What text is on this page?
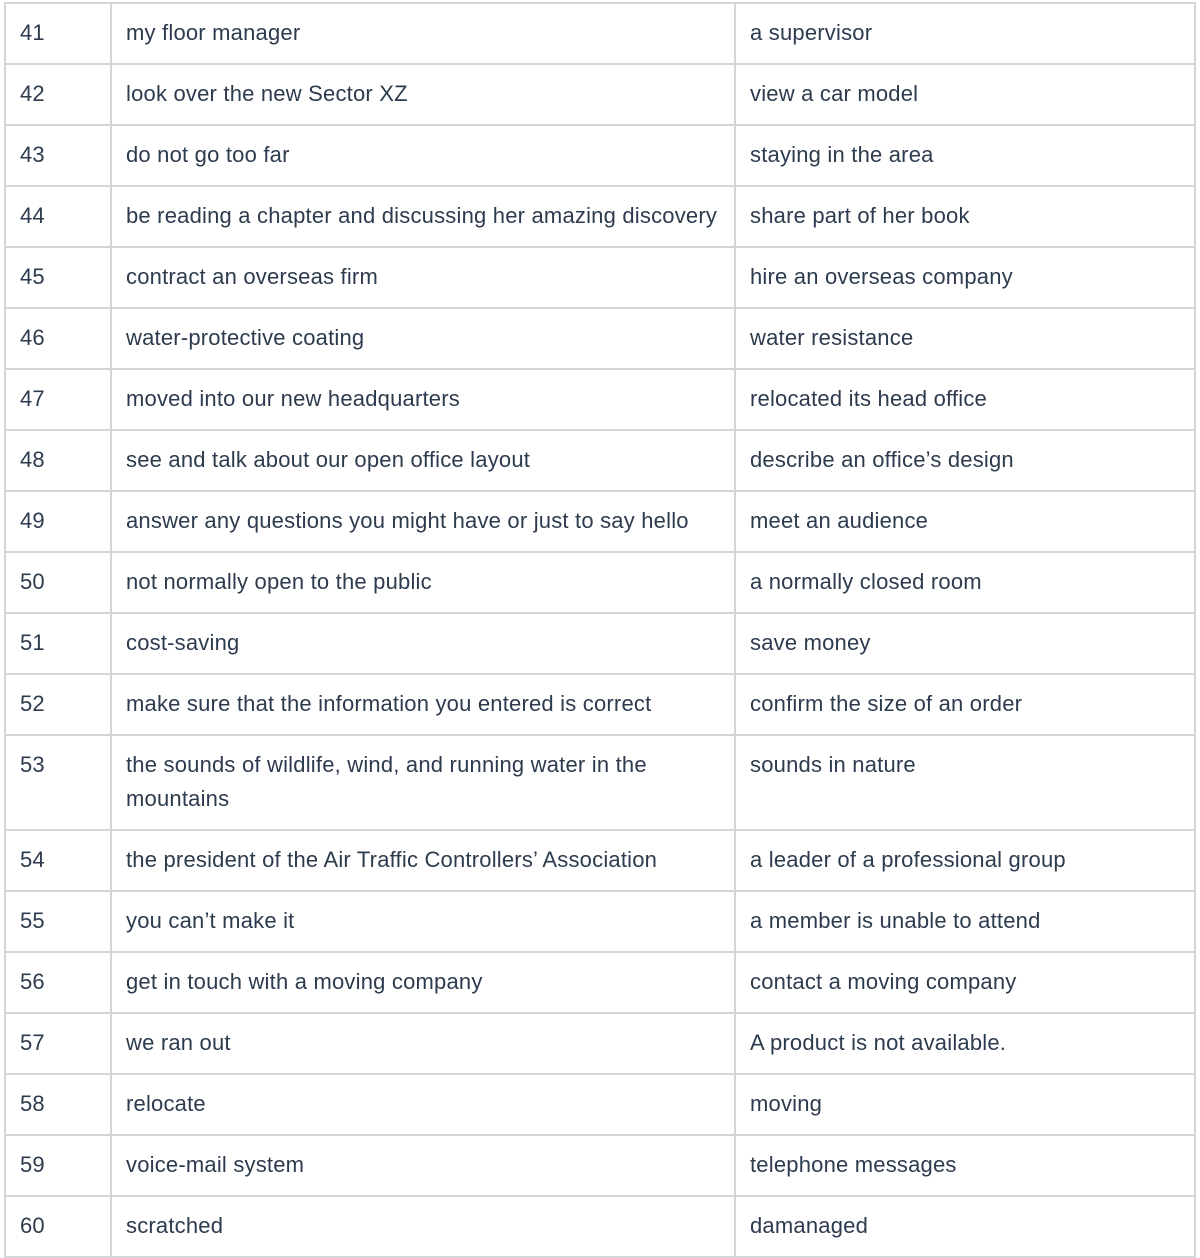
41	my floor manager	a supervisor
42	look over the new Sector XZ	view a car model
43	do not go too far	staying in the area
44	be reading a chapter and discussing her amazing discovery	share part of her book
45	contract an overseas firm	hire an overseas company
46	water-protective coating	water resistance
47	moved into our new headquarters	relocated its head office
48	see and talk about our open office layout	describe an office’s design
49	answer any questions you might have or just to say hello	meet an audience
50	not normally open to the public	a normally closed room
51	cost-saving	save money
52	make sure that the information you entered is correct	confirm the size of an order
53	the sounds of wildlife, wind, and running water in the mountains	sounds in nature
54	the president of the Air Traffic Controllers’ Association	a leader of a professional group
55	you can’t make it	a member is unable to attend
56	get in touch with a moving company	contact a moving company
57	we ran out	A product is not available.
58	relocate	moving
59	voice-mail system	telephone messages
60	scratched	damanaged
